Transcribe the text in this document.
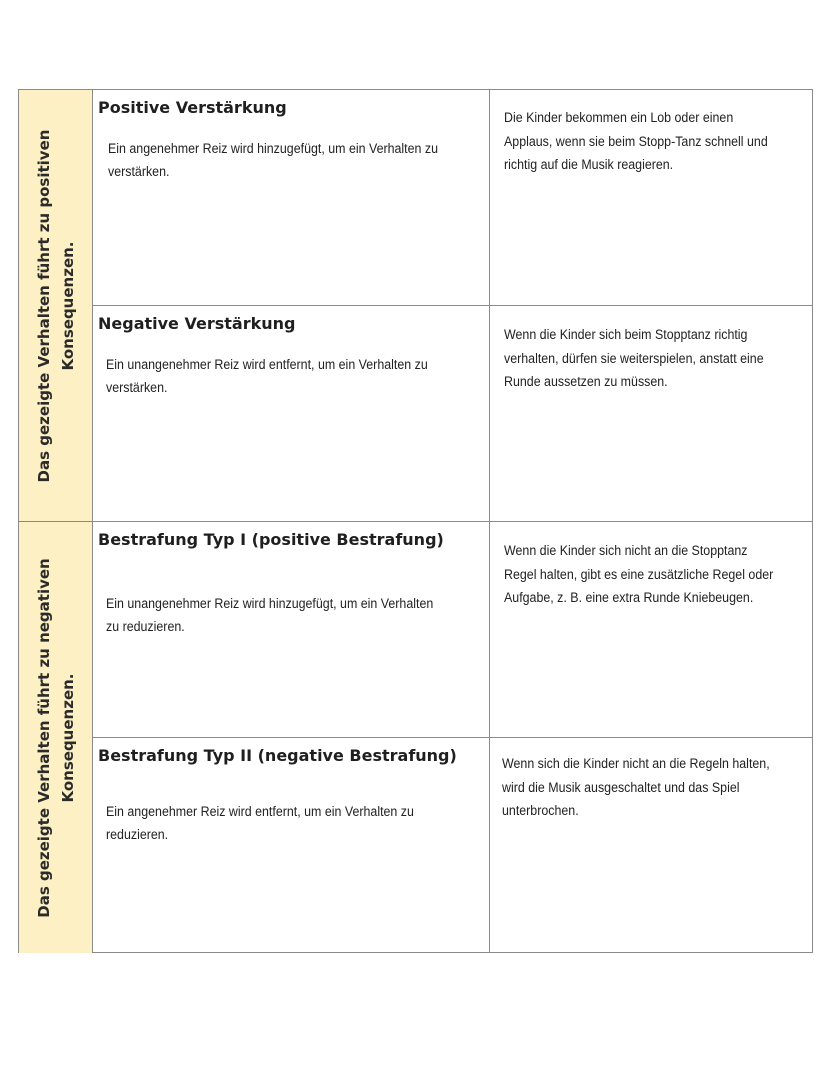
Das gezeigte Verhalten führt zu positiven Konsequenzen.
Positive Verstärkung
Ein angenehmer Reiz wird hinzugefügt, um ein Verhalten zu verstärken.
Die Kinder bekommen ein Lob oder einen Applaus, wenn sie beim Stopp-Tanz schnell und richtig auf die Musik reagieren.
Negative Verstärkung
Ein unangenehmer Reiz wird entfernt, um ein Verhalten zu verstärken.
Wenn die Kinder sich beim Stopptanz richtig verhalten, dürfen sie weiterspielen, anstatt eine Runde aussetzen zu müssen.
Das gezeigte Verhalten führt zu negativen Konsequenzen.
Bestrafung Typ I (positive Bestrafung)
Ein unangenehmer Reiz wird hinzugefügt, um ein Verhalten zu reduzieren.
Wenn die Kinder sich nicht an die Stopptanz Regel halten, gibt es eine zusätzliche Regel oder Aufgabe, z. B. eine extra Runde Kniebeugen.
Bestrafung Typ II (negative Bestrafung)
Ein angenehmer Reiz wird entfernt, um ein Verhalten zu reduzieren.
Wenn sich die Kinder nicht an die Regeln halten, wird die Musik ausgeschaltet und das Spiel unterbrochen.
